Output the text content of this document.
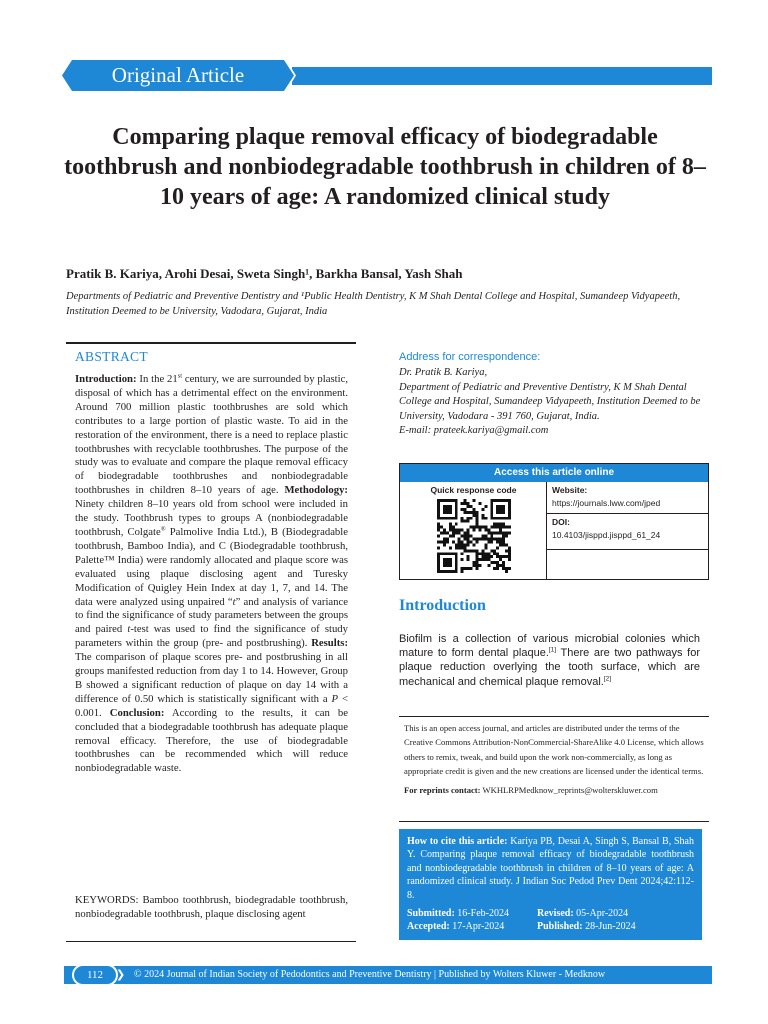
Original Article
Comparing plaque removal efficacy of biodegradable toothbrush and nonbiodegradable toothbrush in children of 8–10 years of age: A randomized clinical study
Pratik B. Kariya, Arohi Desai, Sweta Singh¹, Barkha Bansal, Yash Shah
Departments of Pediatric and Preventive Dentistry and ¹Public Health Dentistry, K M Shah Dental College and Hospital, Sumandeep Vidyapeeth, Institution Deemed to be University, Vadodara, Gujarat, India
ABSTRACT
Introduction: In the 21st century, we are surrounded by plastic, disposal of which has a detrimental effect on the environment. Around 700 million plastic toothbrushes are sold which contributes to a large portion of plastic waste. To aid in the restoration of the environment, there is a need to replace plastic toothbrushes with recyclable toothbrushes. The purpose of the study was to evaluate and compare the plaque removal efficacy of biodegradable toothbrushes and nonbiodegradable toothbrushes in children 8–10 years of age. Methodology: Ninety children 8–10 years old from school were included in the study. Toothbrush types to groups A (nonbiodegradable toothbrush, Colgate® Palmolive India Ltd.), B (Biodegradable toothbrush, Bamboo India), and C (Biodegradable toothbrush, Palette™ India) were randomly allocated and plaque score was evaluated using plaque disclosing agent and Turesky Modification of Quigley Hein Index at day 1, 7, and 14. The data were analyzed using unpaired “t” and analysis of variance to find the significance of study parameters between the groups and paired t-test was used to find the significance of study parameters within the group (pre- and postbrushing). Results: The comparison of plaque scores pre- and postbrushing in all groups manifested reduction from day 1 to 14. However, Group B showed a significant reduction of plaque on day 14 with a difference of 0.50 which is statistically significant with a P < 0.001. Conclusion: According to the results, it can be concluded that a biodegradable toothbrush has adequate plaque removal efficacy. Therefore, the use of biodegradable toothbrushes can be recommended which will reduce nonbiodegradable waste.
KEYWORDS: Bamboo toothbrush, biodegradable toothbrush, nonbiodegradable toothbrush, plaque disclosing agent
Address for correspondence:
Dr. Pratik B. Kariya,
Department of Pediatric and Preventive Dentistry, K M Shah Dental College and Hospital, Sumandeep Vidyapeeth, Institution Deemed to be University, Vadodara - 391 760, Gujarat, India.
E-mail: prateek.kariya@gmail.com
Access this article online
Quick response code	Website:
https://journals.lww.com/jped
DOI:
10.4103/jisppd.jisppd_61_24
Introduction
Biofilm is a collection of various microbial colonies which mature to form dental plaque.[1] There are two pathways for plaque reduction overlying the tooth surface, which are mechanical and chemical plaque removal.[2]
This is an open access journal, and articles are distributed under the terms of the Creative Commons Attribution-NonCommercial-ShareAlike 4.0 License, which allows others to remix, tweak, and build upon the work non-commercially, as long as appropriate credit is given and the new creations are licensed under the identical terms.
For reprints contact: WKHLRPMedknow_reprints@wolterskluwer.com
How to cite this article: Kariya PB, Desai A, Singh S, Bansal B, Shah Y. Comparing plaque removal efficacy of biodegradable toothbrush and nonbiodegradable toothbrush in children of 8–10 years of age: A randomized clinical study. J Indian Soc Pedod Prev Dent 2024;42:112-8.
Submitted: 16-Feb-2024	Revised: 05-Apr-2024
Accepted: 17-Apr-2024	Published: 28-Jun-2024
112	❯ © 2024 Journal of Indian Society of Pedodontics and Preventive Dentistry | Published by Wolters Kluwer - Medknow
